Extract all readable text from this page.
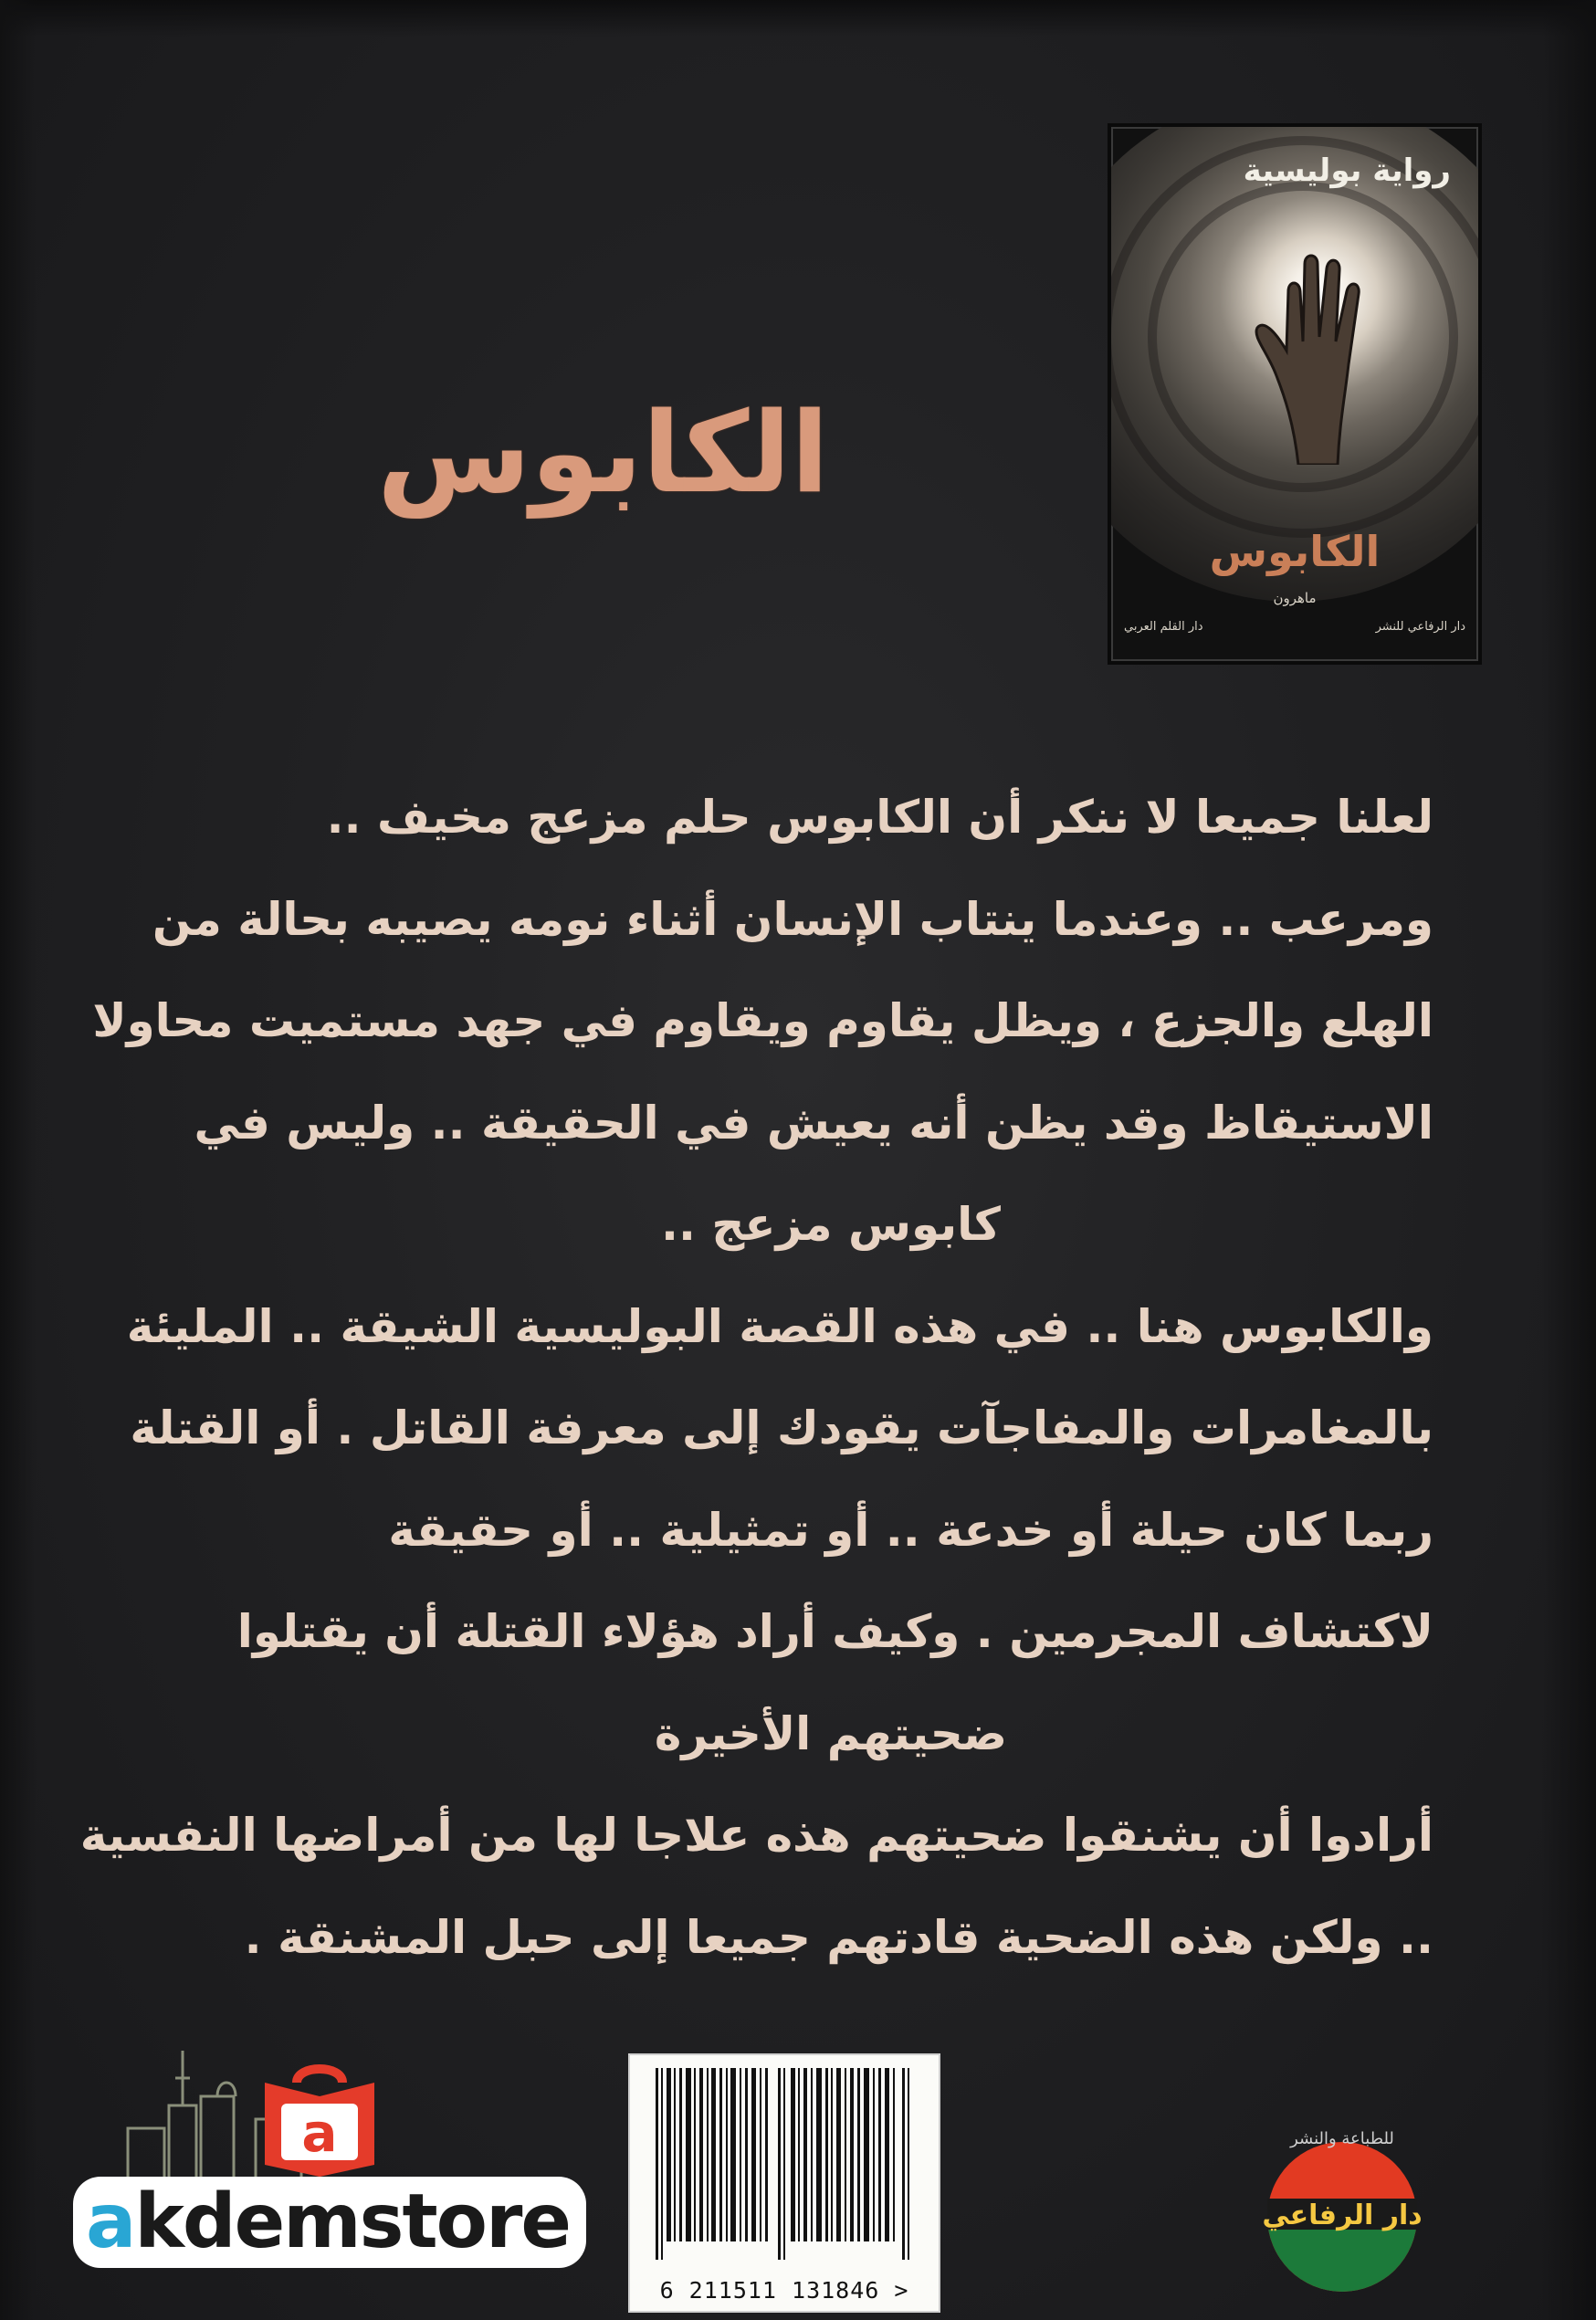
رواية بوليسية
الكابوس
ماهرون
دار القلم العربي	دار الرفاعي للنشر
الكابوس
لعلنا جميعا لا ننكر أن الكابوس حلم مزعج مخيف ..
ومرعب .. وعندما ينتاب الإنسان أثناء نومه يصيبه بحالة من
الهلع والجزع ، ويظل يقاوم ويقاوم في جهد مستميت محاولا
الاستيقاظ وقد يظن أنه يعيش في الحقيقة .. وليس في
كابوس مزعج ..
والكابوس هنا .. في هذه القصة البوليسية الشيقة .. المليئة
بالمغامرات والمفاجآت يقودك إلى معرفة القاتل . أو القتلة
ربما كان حيلة أو خدعة .. أو تمثيلية .. أو حقيقة
لاكتشاف المجرمين . وكيف أراد هؤلاء القتلة أن يقتلوا
ضحيتهم الأخيرة
أرادوا أن يشنقوا ضحيتهم هذه علاجا لها من أمراضها النفسية
.. ولكن هذه الضحية قادتهم جميعا إلى حبل المشنقة .
a
akdemstore
6 211511 131846 >
دار الرفاعي
للطباعة والنشر
